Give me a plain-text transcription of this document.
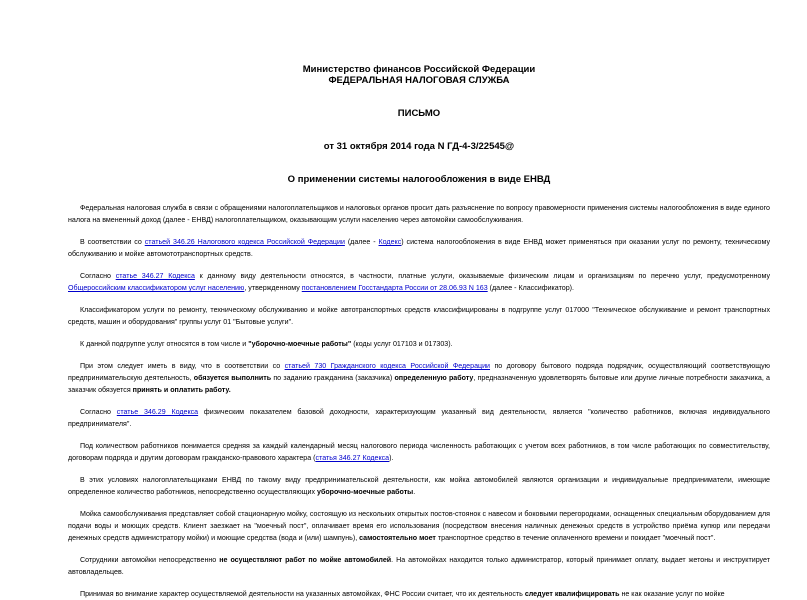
Министерство финансов Российской Федерации
ФЕДЕРАЛЬНАЯ НАЛОГОВАЯ СЛУЖБА
ПИСЬМО
от 31 октября 2014 года N ГД-4-3/22545@
О применении системы налогообложения в виде ЕНВД

Федеральная налоговая служба в связи с обращениями налогоплательщиков и налоговых органов просит дать разъяснение по вопросу правомерности применения системы налогообложения в виде единого налога на вмененный доход (далее - ЕНВД) налогоплательщиком, оказывающим услуги населению через автомойки самообслуживания.

В соответствии со статьей 346.26 Налогового кодекса Российской Федерации (далее - Кодекс) система налогообложения в виде ЕНВД может применяться при оказании услуг по ремонту, техническому обслуживанию и мойке автомототранспортных средств.

Согласно статье 346.27 Кодекса к данному виду деятельности относятся, в частности, платные услуги, оказываемые физическим лицам и организациям по перечню услуг, предусмотренному Общероссийским классификатором услуг населению, утвержденному постановлением Госстандарта России от 28.06.93 N 163 (далее - Классификатор).

Классификатором услуги по ремонту, техническому обслуживанию и мойке автотранспортных средств классифицированы в подгруппе услуг 017000 "Техническое обслуживание и ремонт транспортных средств, машин и оборудования" группы услуг 01 "Бытовые услуги".

К данной подгруппе услуг относятся в том числе и "уборочно-моечные работы" (коды услуг 017103 и 017303).

При этом следует иметь в виду, что в соответствии со статьей 730 Гражданского кодекса Российской Федерации по договору бытового подряда подрядчик, осуществляющий соответствующую предпринимательскую деятельность, обязуется выполнить по заданию гражданина (заказчика) определенную работу, предназначенную удовлетворять бытовые или другие личные потребности заказчика, а заказчик обязуется принять и оплатить работу.

Согласно статье 346.29 Кодекса физическим показателем базовой доходности, характеризующим указанный вид деятельности, является "количество работников, включая индивидуального предпринимателя".

Под количеством работников понимается средняя за каждый календарный месяц налогового периода численность работающих с учетом всех работников, в том числе работающих по совместительству, договорам подряда и другим договорам гражданско-правового характера (статья 346.27 Кодекса).

В этих условиях налогоплательщиками ЕНВД по такому виду предпринимательской деятельности, как мойка автомобилей являются организации и индивидуальные предприниматели, имеющие определенное количество работников, непосредственно осуществляющих уборочно-моечные работы.

Мойка самообслуживания представляет собой стационарную мойку, состоящую из нескольких открытых постов-стоянок с навесом и боковыми перегородками, оснащенных специальным оборудованием для подачи воды и моющих средств. Клиент заезжает на "моечный пост", оплачивает время его использования (посредством внесения наличных денежных средств в устройство приёма купюр или передачи денежных средств администратору мойки) и моющие средства (вода и (или) шампунь), самостоятельно моет транспортное средство в течение оплаченного времени и покидает "моечный пост".

Сотрудники автомойки непосредственно не осуществляют работ по мойке автомобилей. На автомойках находится только администратор, который принимает оплату, выдает жетоны и инструктирует автовладельцев.

Принимая во внимание характер осуществляемой деятельности на указанных автомойках, ФНС России считает, что их деятельность следует квалифицировать не как оказание услуг по мойке
